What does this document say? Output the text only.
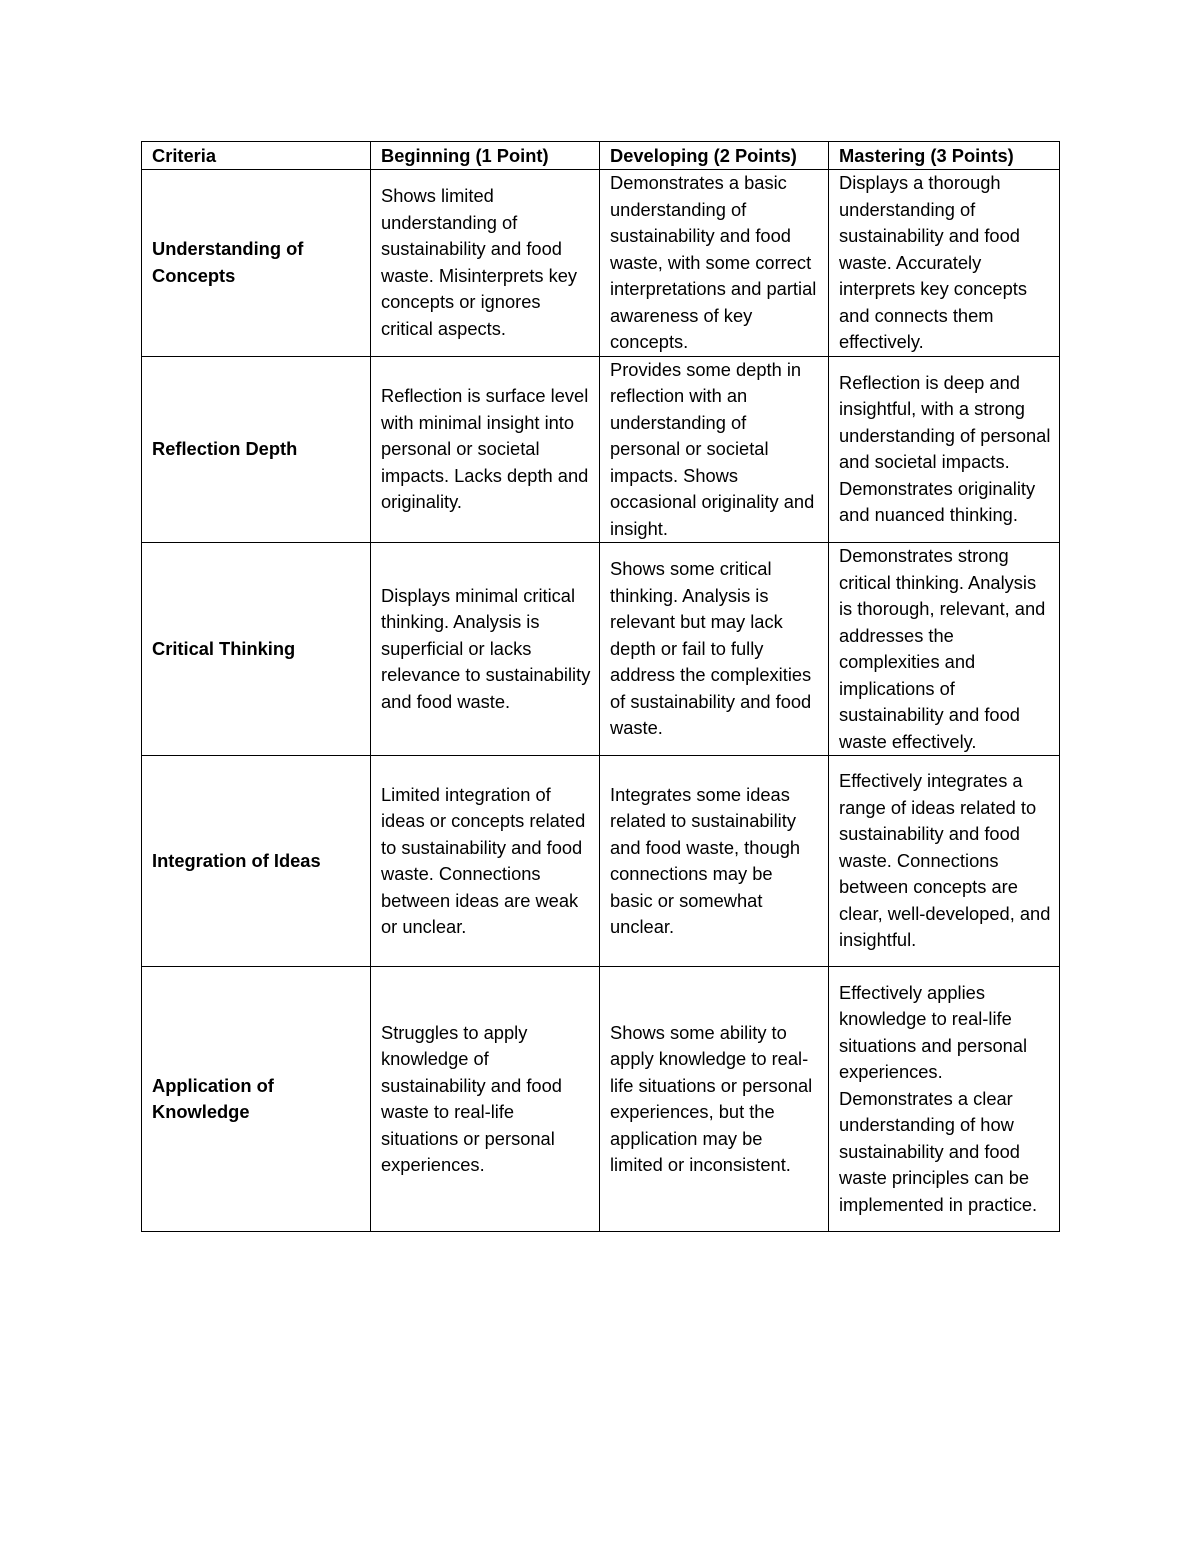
Criteria	Beginning (1 Point)	Developing (2 Points)	Mastering (3 Points)
Understanding of Concepts	Shows limited understanding of sustainability and food waste. Misinterprets key concepts or ignores critical aspects.	Demonstrates a basic understanding of sustainability and food waste, with some correct interpretations and partial awareness of key concepts.	Displays a thorough understanding of sustainability and food waste. Accurately interprets key concepts and connects them effectively.
Reflection Depth	Reflection is surface level with minimal insight into personal or societal impacts. Lacks depth and originality.	Provides some depth in reflection with an understanding of personal or societal impacts. Shows occasional originality and insight.	Reflection is deep and insightful, with a strong understanding of personal and societal impacts. Demonstrates originality and nuanced thinking.
Critical Thinking	Displays minimal critical thinking. Analysis is superficial or lacks relevance to sustainability and food waste.	Shows some critical thinking. Analysis is relevant but may lack depth or fail to fully address the complexities of sustainability and food waste.	Demonstrates strong critical thinking. Analysis is thorough, relevant, and addresses the complexities and implications of sustainability and food waste effectively.
Integration of Ideas	Limited integration of ideas or concepts related to sustainability and food waste. Connections between ideas are weak or unclear.	Integrates some ideas related to sustainability and food waste, though connections may be basic or somewhat unclear.	Effectively integrates a range of ideas related to sustainability and food waste. Connections between concepts are clear, well-developed, and insightful.
Application of Knowledge	Struggles to apply knowledge of sustainability and food waste to real-life situations or personal experiences.	Shows some ability to apply knowledge to real-life situations or personal experiences, but the application may be limited or inconsistent.	Effectively applies knowledge to real-life situations and personal experiences. Demonstrates a clear understanding of how sustainability and food waste principles can be implemented in practice.
